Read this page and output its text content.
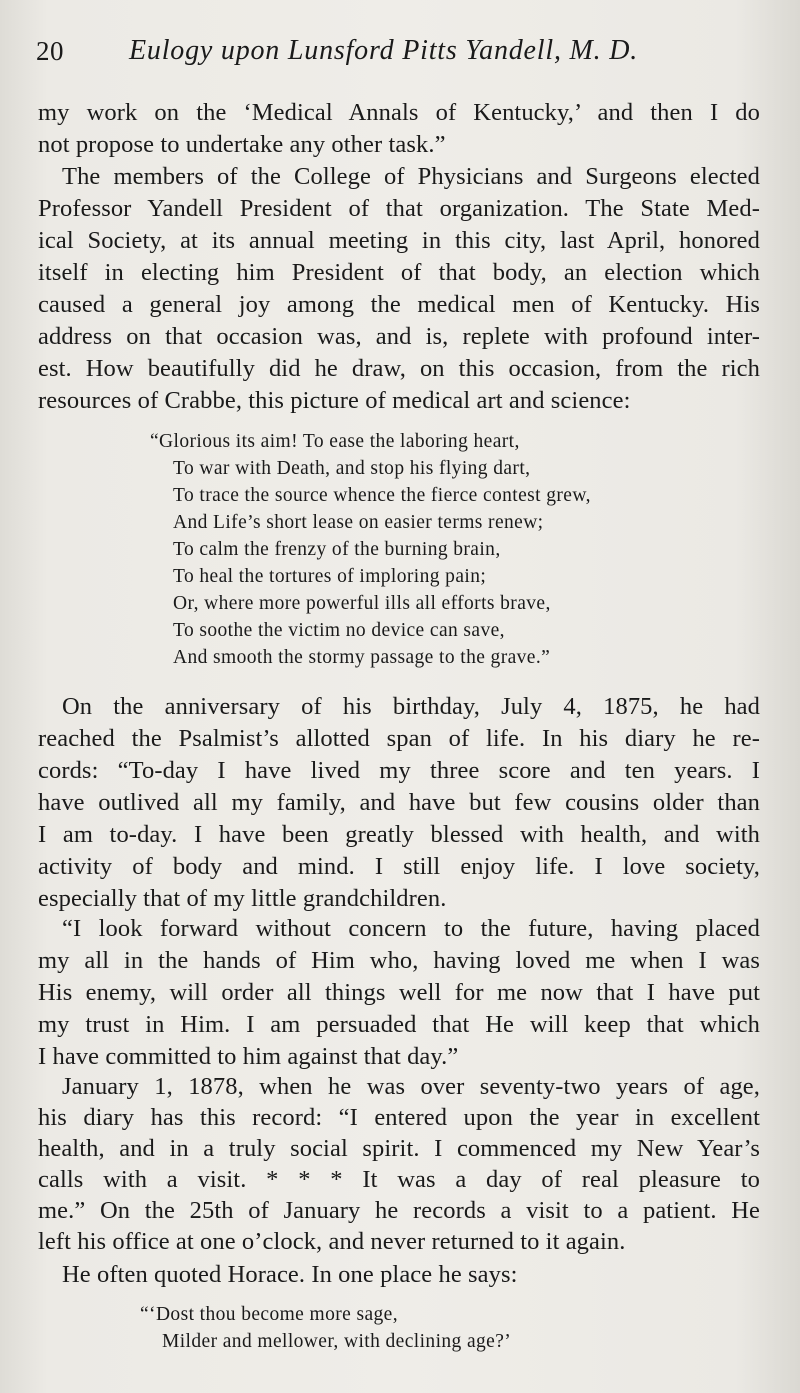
20 Eulogy upon Lunsford Pitts Yandell, M. D.
my work on the ‘Medical Annals of Kentucky,’ and then I do
not propose to undertake any other task.”
The members of the College of Physicians and Surgeons elected
Professor Yandell President of that organization. The State Med-
ical Society, at its annual meeting in this city, last April, honored
itself in electing him President of that body, an election which
caused a general joy among the medical men of Kentucky. His
address on that occasion was, and is, replete with profound inter-
est. How beautifully did he draw, on this occasion, from the rich
resources of Crabbe, this picture of medical art and science:
“Glorious its aim! To ease the laboring heart,
To war with Death, and stop his flying dart,
To trace the source whence the fierce contest grew,
And Life’s short lease on easier terms renew;
To calm the frenzy of the burning brain,
To heal the tortures of imploring pain;
Or, where more powerful ills all efforts brave,
To soothe the victim no device can save,
And smooth the stormy passage to the grave.”
On the anniversary of his birthday, July 4, 1875, he had
reached the Psalmist’s allotted span of life. In his diary he re-
cords: “To-day I have lived my three score and ten years. I
have outlived all my family, and have but few cousins older than
I am to-day. I have been greatly blessed with health, and with
activity of body and mind. I still enjoy life. I love society,
especially that of my little grandchildren.
“I look forward without concern to the future, having placed
my all in the hands of Him who, having loved me when I was
His enemy, will order all things well for me now that I have put
my trust in Him. I am persuaded that He will keep that which
I have committed to him against that day.”
January 1, 1878, when he was over seventy-two years of age,
his diary has this record: “I entered upon the year in excellent
health, and in a truly social spirit. I commenced my New Year’s
calls with a visit. * * * It was a day of real pleasure to
me.” On the 25th of January he records a visit to a patient. He
left his office at one o’clock, and never returned to it again.
He often quoted Horace. In one place he says:
“‘Dost thou become more sage,
Milder and mellower, with declining age?’
